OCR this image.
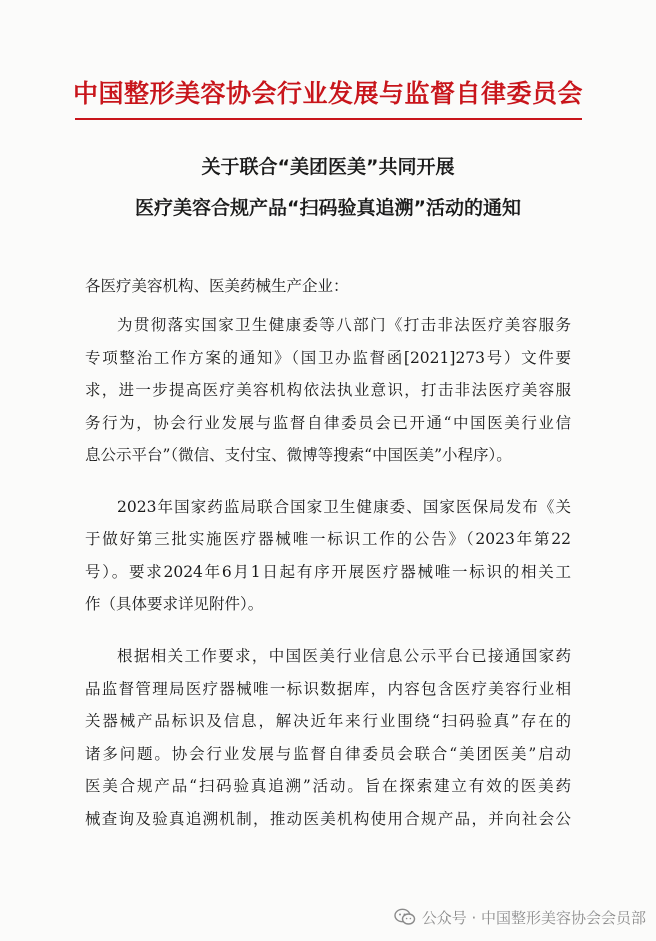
中国整形美容协会行业发展与监督自律委员会
关于联合“美团医美”共同开展
医疗美容合规产品“扫码验真追溯”活动的通知
各医疗美容机构、医美药械生产企业：
为贯彻落实国家卫生健康委等八部门《打击非法医疗美容服务
专项整治工作方案的通知》（国卫办监督函[2021]273号）文件要
求，进一步提高医疗美容机构依法执业意识，打击非法医疗美容服
务行为，协会行业发展与监督自律委员会已开通“中国医美行业信
息公示平台”（微信、支付宝、微博等搜索“中国医美”小程序）。
2023年国家药监局联合国家卫生健康委、国家医保局发布《关
于做好第三批实施医疗器械唯一标识工作的公告》（2023年第22
号）。要求2024年6月1日起有序开展医疗器械唯一标识的相关工
作（具体要求详见附件）。
根据相关工作要求，中国医美行业信息公示平台已接通国家药
品监督管理局医疗器械唯一标识数据库，内容包含医疗美容行业相
关器械产品标识及信息，解决近年来行业围绕“扫码验真”存在的
诸多问题。协会行业发展与监督自律委员会联合“美团医美”启动
医美合规产品“扫码验真追溯”活动。旨在探索建立有效的医美药
械查询及验真追溯机制，推动医美机构使用合规产品，并向社会公
公众号 · 中国整形美容协会会员部
